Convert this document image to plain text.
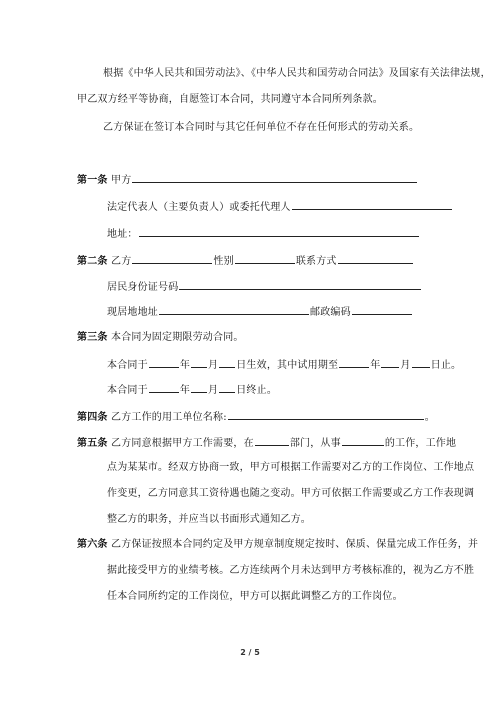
根据《中华人民共和国劳动法》、《中华人民共和国劳动合同法》及国家有关法律法规，
甲乙双方经平等协商，自愿签订本合同，共同遵守本合同所列条款。
乙方保证在签订本合同时与其它任何单位不存在任何形式的劳动关系。
第一条 甲方
法定代表人（主要负责人）或委托代理人
地址：
第二条 乙方	性别	联系方式
居民身份证号码
现居地地址	邮政编码
第三条 本合同为固定期限劳动合同。
本合同于	年 月 日生效，其中试用期至	年 月 日止。
本合同于	年 月 日终止。
第四条 乙方工作的用工单位名称:	。
第五条 乙方同意根据甲方工作需要，在	部门，从事	的工作，工作地
点为某某市。经双方协商一致，甲方可根据工作需要对乙方的工作岗位、工作地点
作变更，乙方同意其工资待遇也随之变动。甲方可依据工作需要或乙方工作表现调
整乙方的职务，并应当以书面形式通知乙方。
第六条 乙方保证按照本合同约定及甲方规章制度规定按时、保质、保量完成工作任务，并
据此接受甲方的业绩考核。乙方连续两个月未达到甲方考核标准的，视为乙方不胜
任本合同所约定的工作岗位，甲方可以据此调整乙方的工作岗位。
2 / 5
